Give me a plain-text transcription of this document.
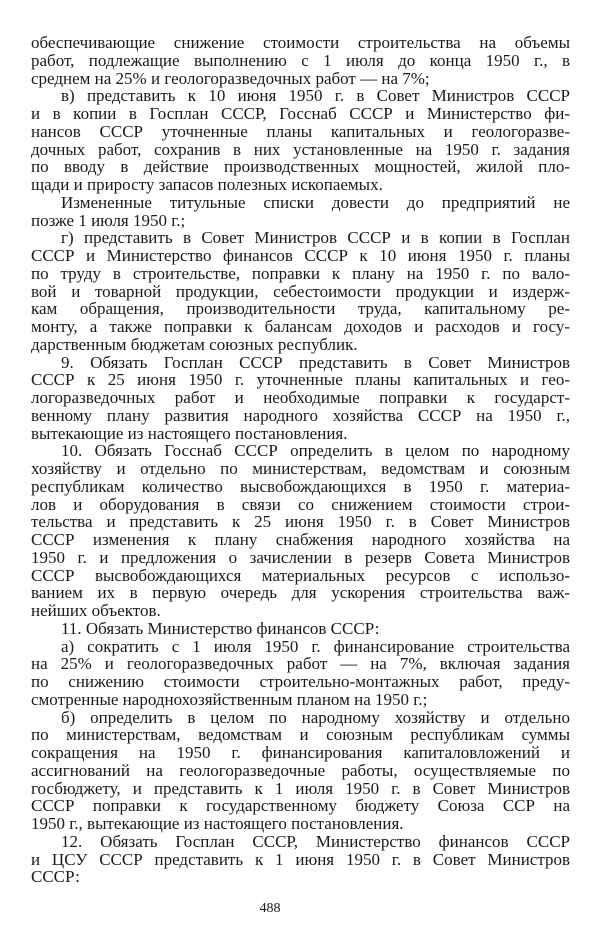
обеспечивающие снижение стоимости строительства на объемы
работ, подлежащие выполнению с 1 июля до конца 1950 г., в
среднем на 25% и геологоразведочных работ — на 7%;
в) представить к 10 июня 1950 г. в Совет Министров СССР
и в копии в Госплан СССР, Госснаб СССР и Министерство фи-
нансов СССР уточненные планы капитальных и геологоразве-
дочных работ, сохранив в них установленные на 1950 г. задания
по вводу в действие производственных мощностей, жилой пло-
щади и приросту запасов полезных ископаемых.
Измененные титульные списки довести до предприятий не
позже 1 июля 1950 г.;
г) представить в Совет Министров СССР и в копии в Госплан
СССР и Министерство финансов СССР к 10 июня 1950 г. планы
по труду в строительстве, поправки к плану на 1950 г. по вало-
вой и товарной продукции, себестоимости продукции и издерж-
кам обращения, производительности труда, капитальному ре-
монту, а также поправки к балансам доходов и расходов и госу-
дарственным бюджетам союзных республик.
9. Обязать Госплан СССР представить в Совет Министров
СССР к 25 июня 1950 г. уточненные планы капитальных и гео-
логоразведочных работ и необходимые поправки к государст-
венному плану развития народного хозяйства СССР на 1950 г.,
вытекающие из настоящего постановления.
10. Обязать Госснаб СССР определить в целом по народному
хозяйству и отдельно по министерствам, ведомствам и союзным
республикам количество высвобождающихся в 1950 г. материа-
лов и оборудования в связи со снижением стоимости строи-
тельства и представить к 25 июня 1950 г. в Совет Министров
СССР изменения к плану снабжения народного хозяйства на
1950 г. и предложения о зачислении в резерв Совета Министров
СССР высвобождающихся материальных ресурсов с использо-
ванием их в первую очередь для ускорения строительства важ-
нейших объектов.
11. Обязать Министерство финансов СССР:
а) сократить с 1 июля 1950 г. финансирование строительства
на 25% и геологоразведочных работ — на 7%, включая задания
по снижению стоимости строительно-монтажных работ, преду-
смотренные народнохозяйственным планом на 1950 г.;
б) определить в целом по народному хозяйству и отдельно
по министерствам, ведомствам и союзным республикам суммы
сокращения на 1950 г. финансирования капиталовложений и
ассигнований на геологоразведочные работы, осуществляемые по
госбюджету, и представить к 1 июля 1950 г. в Совет Министров
СССР поправки к государственному бюджету Союза ССР на
1950 г., вытекающие из настоящего постановления.
12. Обязать Госплан СССР, Министерство финансов СССР
и ЦСУ СССР представить к 1 июня 1950 г. в Совет Министров
СССР:
488
